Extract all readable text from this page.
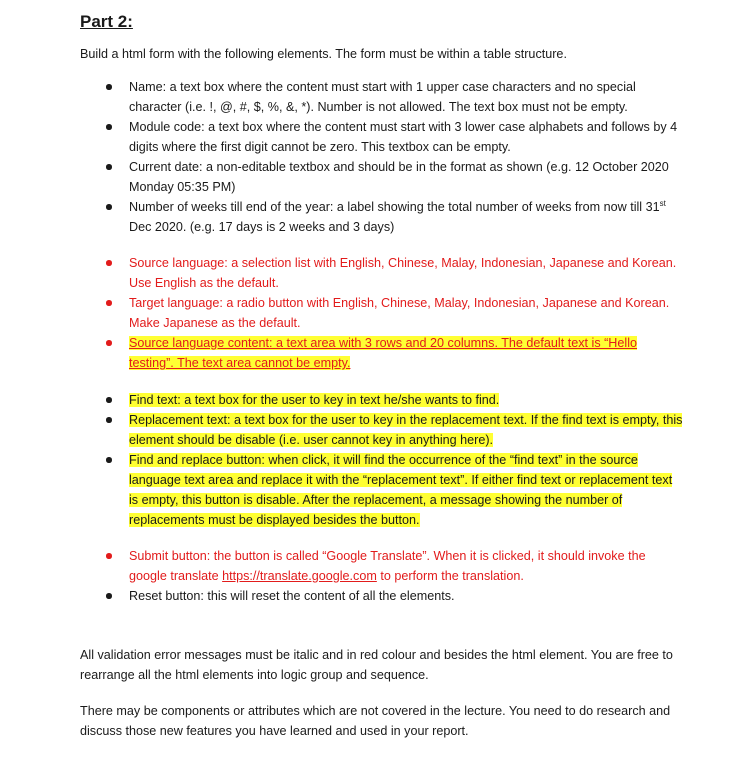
Part 2:
Build a html form with the following elements. The form must be within a table structure.
Name: a text box where the content must start with 1 upper case characters and no special character (i.e. !, @, #, $, %, &, *). Number is not allowed. The text box must not be empty.
Module code: a text box where the content must start with 3 lower case alphabets and follows by 4 digits where the first digit cannot be zero. This textbox can be empty.
Current date: a non-editable textbox and should be in the format as shown (e.g. 12 October 2020 Monday 05:35 PM)
Number of weeks till end of the year: a label showing the total number of weeks from now till 31st Dec 2020. (e.g. 17 days is 2 weeks and 3 days)
Source language: a selection list with English, Chinese, Malay, Indonesian, Japanese and Korean. Use English as the default.
Target language: a radio button with English, Chinese, Malay, Indonesian, Japanese and Korean. Make Japanese as the default.
Source language content: a text area with 3 rows and 20 columns. The default text is “Hello testing”. The text area cannot be empty.
Find text: a text box for the user to key in text he/she wants to find.
Replacement text: a text box for the user to key in the replacement text. If the find text is empty, this element should be disable (i.e. user cannot key in anything here).
Find and replace button: when click, it will find the occurrence of the “find text” in the source language text area and replace it with the “replacement text”. If either find text or replacement text is empty, this button is disable. After the replacement, a message showing the number of replacements must be displayed besides the button.
Submit button: the button is called “Google Translate”. When it is clicked, it should invoke the google translate https://translate.google.com to perform the translation.
Reset button: this will reset the content of all the elements.
All validation error messages must be italic and in red colour and besides the html element. You are free to rearrange all the html elements into logic group and sequence.
There may be components or attributes which are not covered in the lecture. You need to do research and discuss those new features you have learned and used in your report.
